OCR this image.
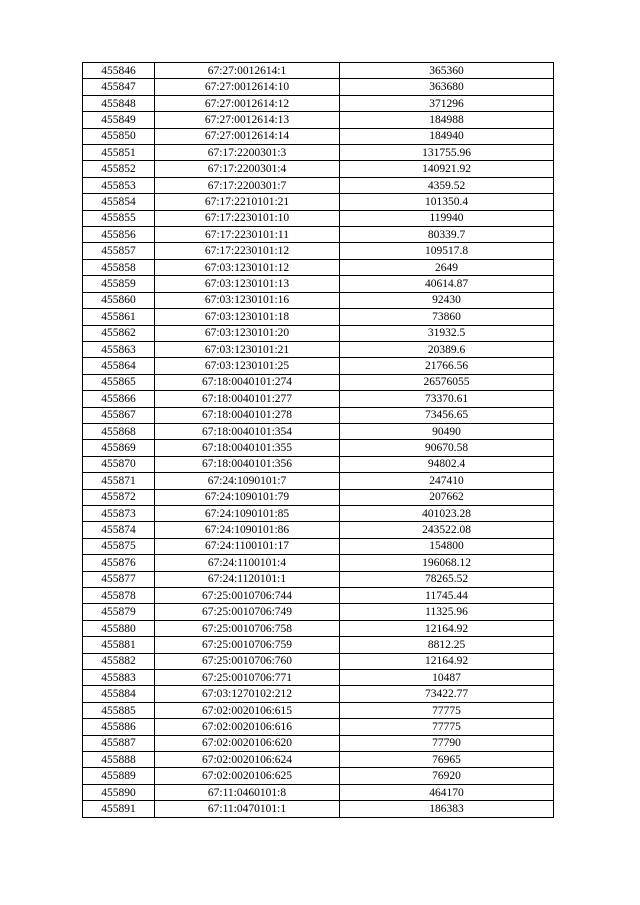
455846	67:27:0012614:1	365360
455847	67:27:0012614:10	363680
455848	67:27:0012614:12	371296
455849	67:27:0012614:13	184988
455850	67:27:0012614:14	184940
455851	67:17:2200301:3	131755.96
455852	67:17:2200301:4	140921.92
455853	67:17:2200301:7	4359.52
455854	67:17:2210101:21	101350.4
455855	67:17:2230101:10	119940
455856	67:17:2230101:11	80339.7
455857	67:17:2230101:12	109517.8
455858	67:03:1230101:12	2649
455859	67:03:1230101:13	40614.87
455860	67:03:1230101:16	92430
455861	67:03:1230101:18	73860
455862	67:03:1230101:20	31932.5
455863	67:03:1230101:21	20389.6
455864	67:03:1230101:25	21766.56
455865	67:18:0040101:274	26576055
455866	67:18:0040101:277	73370.61
455867	67:18:0040101:278	73456.65
455868	67:18:0040101:354	90490
455869	67:18:0040101:355	90670.58
455870	67:18:0040101:356	94802.4
455871	67:24:1090101:7	247410
455872	67:24:1090101:79	207662
455873	67:24:1090101:85	401023.28
455874	67:24:1090101:86	243522.08
455875	67:24:1100101:17	154800
455876	67:24:1100101:4	196068.12
455877	67:24:1120101:1	78265.52
455878	67:25:0010706:744	11745.44
455879	67:25:0010706:749	11325.96
455880	67:25:0010706:758	12164.92
455881	67:25:0010706:759	8812.25
455882	67:25:0010706:760	12164.92
455883	67:25:0010706:771	10487
455884	67:03:1270102:212	73422.77
455885	67:02:0020106:615	77775
455886	67:02:0020106:616	77775
455887	67:02:0020106:620	77790
455888	67:02:0020106:624	76965
455889	67:02:0020106:625	76920
455890	67:11:0460101:8	464170
455891	67:11:0470101:1	186383
